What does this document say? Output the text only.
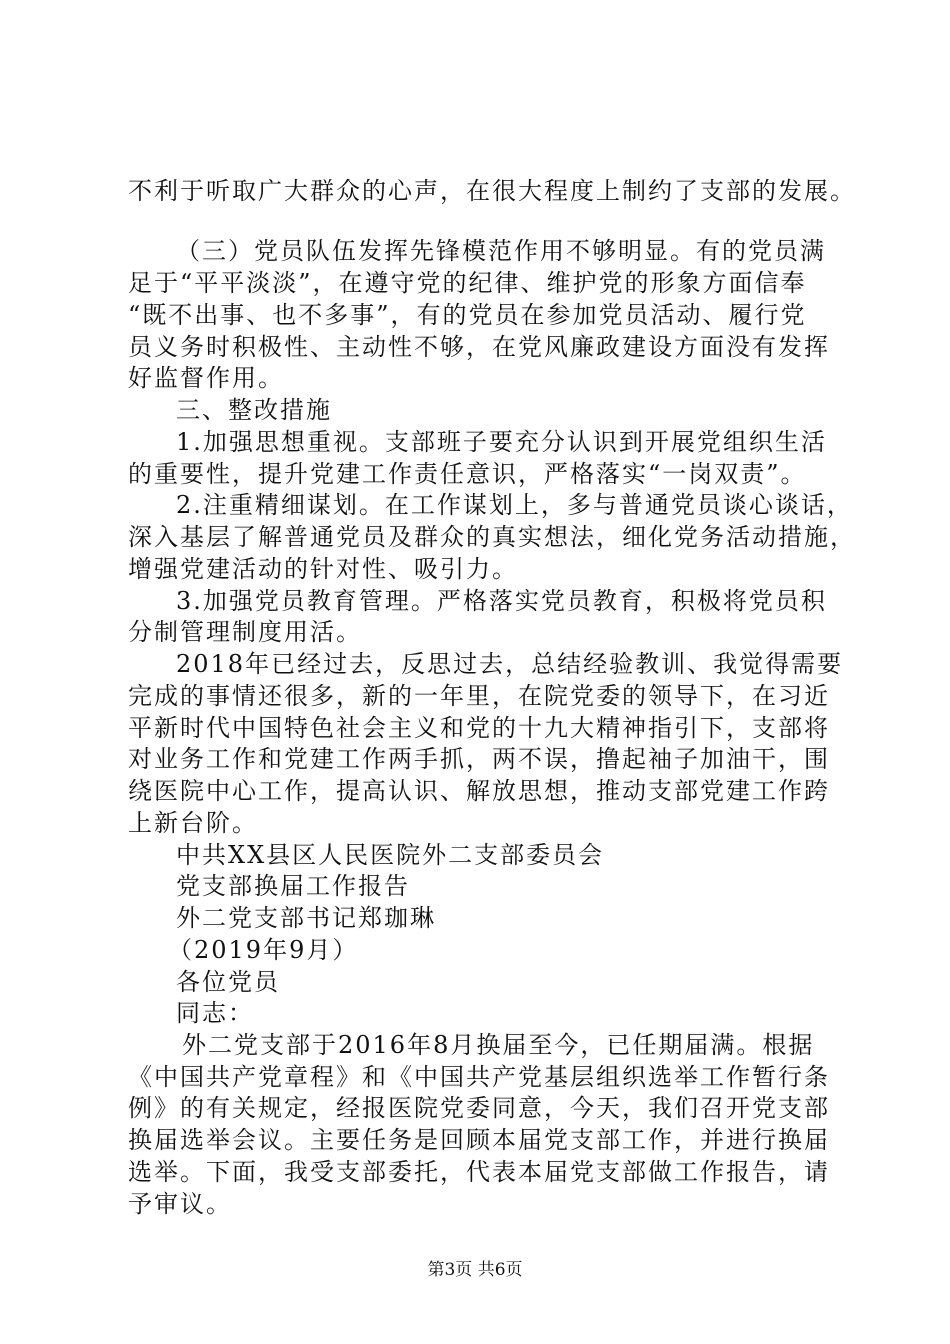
不利于听取广大群众的心声，在很大程度上制约了支部的发展。
（三）党员队伍发挥先锋模范作用不够明显。有的党员满
足于“平平淡淡”，在遵守党的纪律、维护党的形象方面信奉
“既不出事、也不多事”，有的党员在参加党员活动、履行党
员义务时积极性、主动性不够，在党风廉政建设方面没有发挥
好监督作用。
三、整改措施
1.加强思想重视。支部班子要充分认识到开展党组织生活
的重要性，提升党建工作责任意识，严格落实“一岗双责”。
2.注重精细谋划。在工作谋划上，多与普通党员谈心谈话，
深入基层了解普通党员及群众的真实想法，细化党务活动措施，
增强党建活动的针对性、吸引力。
3.加强党员教育管理。严格落实党员教育，积极将党员积
分制管理制度用活。
2018年已经过去，反思过去，总结经验教训、我觉得需要
完成的事情还很多，新的一年里，在院党委的领导下，在习近
平新时代中国特色社会主义和党的十九大精神指引下，支部将
对业务工作和党建工作两手抓，两不误，撸起袖子加油干，围
绕医院中心工作，提高认识、解放思想，推动支部党建工作跨
上新台阶。
中共XX县区人民医院外二支部委员会
党支部换届工作报告
外二党支部书记郑珈琳
（2019年9月）
各位党员
同志：
外二党支部于2016年8月换届至今，已任期届满。根据
《中国共产党章程》和《中国共产党基层组织选举工作暂行条
例》的有关规定，经报医院党委同意，今天，我们召开党支部
换届选举会议。主要任务是回顾本届党支部工作，并进行换届
选举。下面，我受支部委托，代表本届党支部做工作报告，请
予审议。
第3页 共6页
